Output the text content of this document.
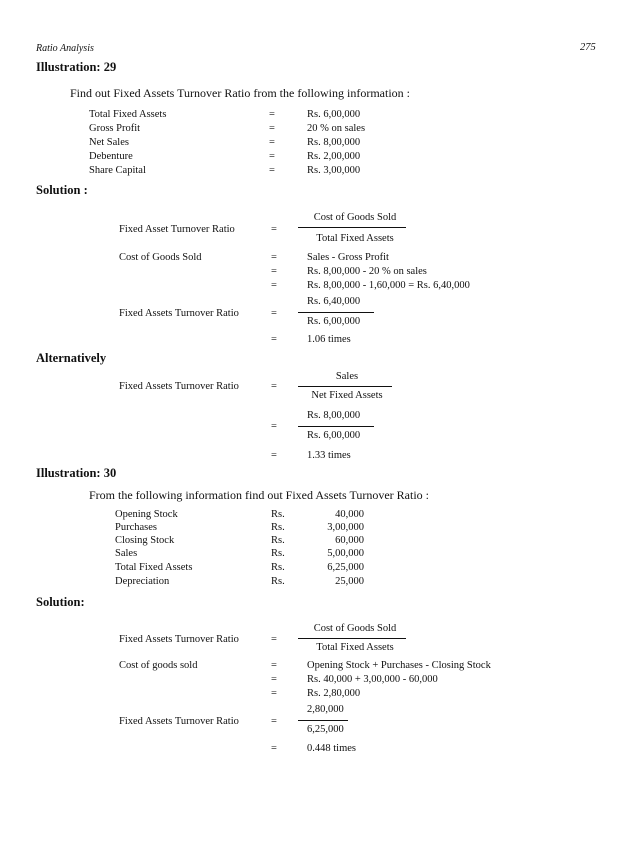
Ratio Analysis	275
Illustration: 29
Find out Fixed Assets Turnover Ratio from the following information :
Total Fixed Assets	=	Rs. 6,00,000
Gross Profit	=	20 % on sales
Net Sales	=	Rs. 8,00,000
Debenture	=	Rs. 2,00,000
Share Capital	=	Rs. 3,00,000
Solution :
Cost of Goods Sold
Fixed Asset Turnover Ratio	=
Total Fixed Assets
Cost of Goods Sold	=	Sales - Gross Profit
=	Rs. 8,00,000 - 20 % on sales
=	Rs. 8,00,000 - 1,60,000 = Rs. 6,40,000
Rs. 6,40,000
Fixed Assets Turnover Ratio	=
Rs. 6,00,000
=	1.06 times
Alternatively
Sales
Fixed Assets Turnover Ratio	=
Net Fixed Assets
Rs. 8,00,000
=
Rs. 6,00,000
=	1.33 times
Illustration: 30
From the following information find out Fixed Assets Turnover Ratio :
Opening Stock	Rs.	40,000
Purchases	Rs.	3,00,000
Closing Stock	Rs.	60,000
Sales	Rs.	5,00,000
Total Fixed Assets	Rs.	6,25,000
Depreciation	Rs.	25,000
Solution:
Cost of Goods Sold
Fixed Assets Turnover Ratio	=
Total Fixed Assets
Cost of goods sold	=	Opening Stock + Purchases - Closing Stock
=	Rs. 40,000 + 3,00,000 - 60,000
=	Rs. 2,80,000
2,80,000
Fixed Assets Turnover Ratio	=
6,25,000
=	0.448 times
